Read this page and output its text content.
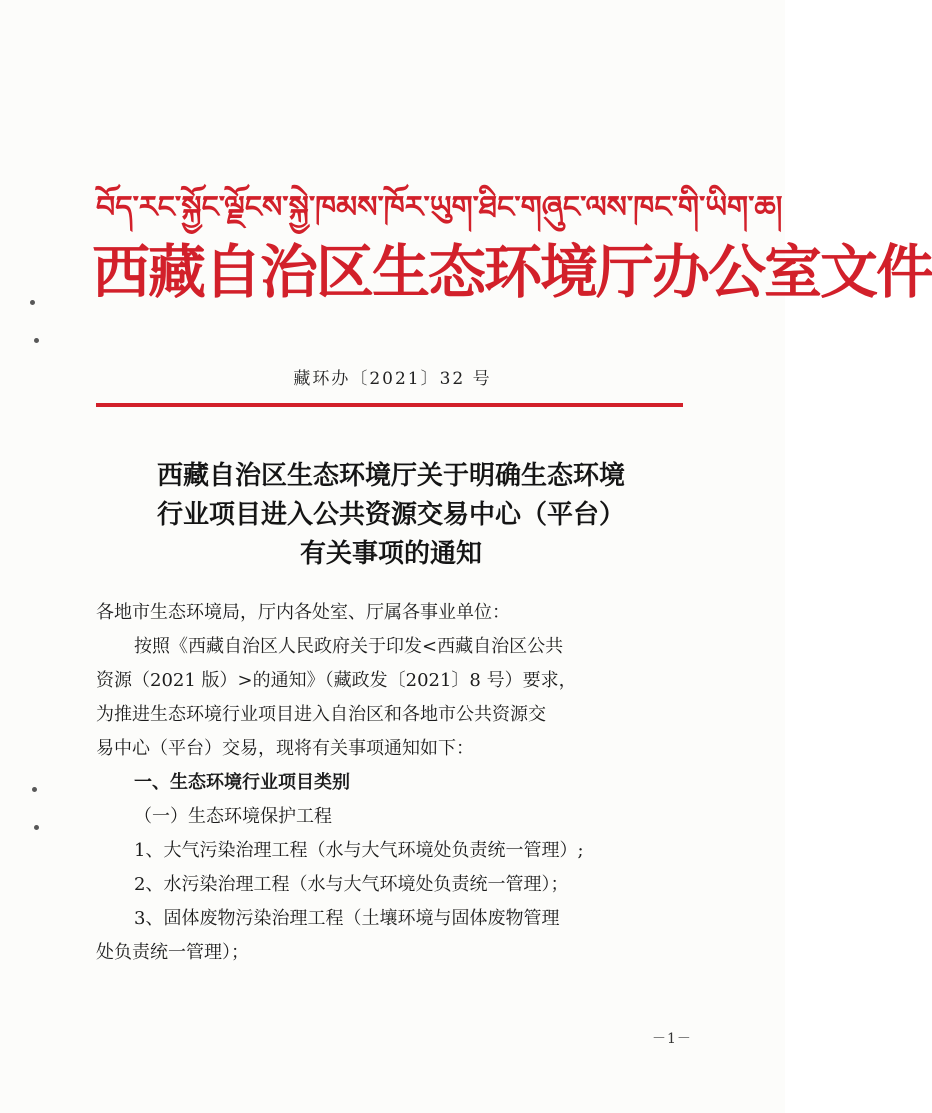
བོད་རང་སྐྱོང་ལྗོངས་སྐྱེ་ཁམས་ཁོར་ཡུག་ཐིང་གཞུང་ལས་ཁང་གི་ཡིག་ཆ།
西藏自治区生态环境厅办公室文件
藏环办〔2021〕32 号
西藏自治区生态环境厅关于明确生态环境
行业项目进入公共资源交易中心（平台）
有关事项的通知

各地市生态环境局，厅内各处室、厅属各事业单位：

按照《西藏自治区人民政府关于印发<西藏自治区公共

资源（2021 版）>的通知》（藏政发〔2021〕8 号）要求，

为推进生态环境行业项目进入自治区和各地市公共资源交

易中心（平台）交易，现将有关事项通知如下：

一、生态环境行业项目类别

（一）生态环境保护工程

1、大气污染治理工程（水与大气环境处负责统一管理）;

2、水污染治理工程（水与大气环境处负责统一管理）；

3、固体废物污染治理工程（土壤环境与固体废物管理

处负责统一管理）；

－1－
